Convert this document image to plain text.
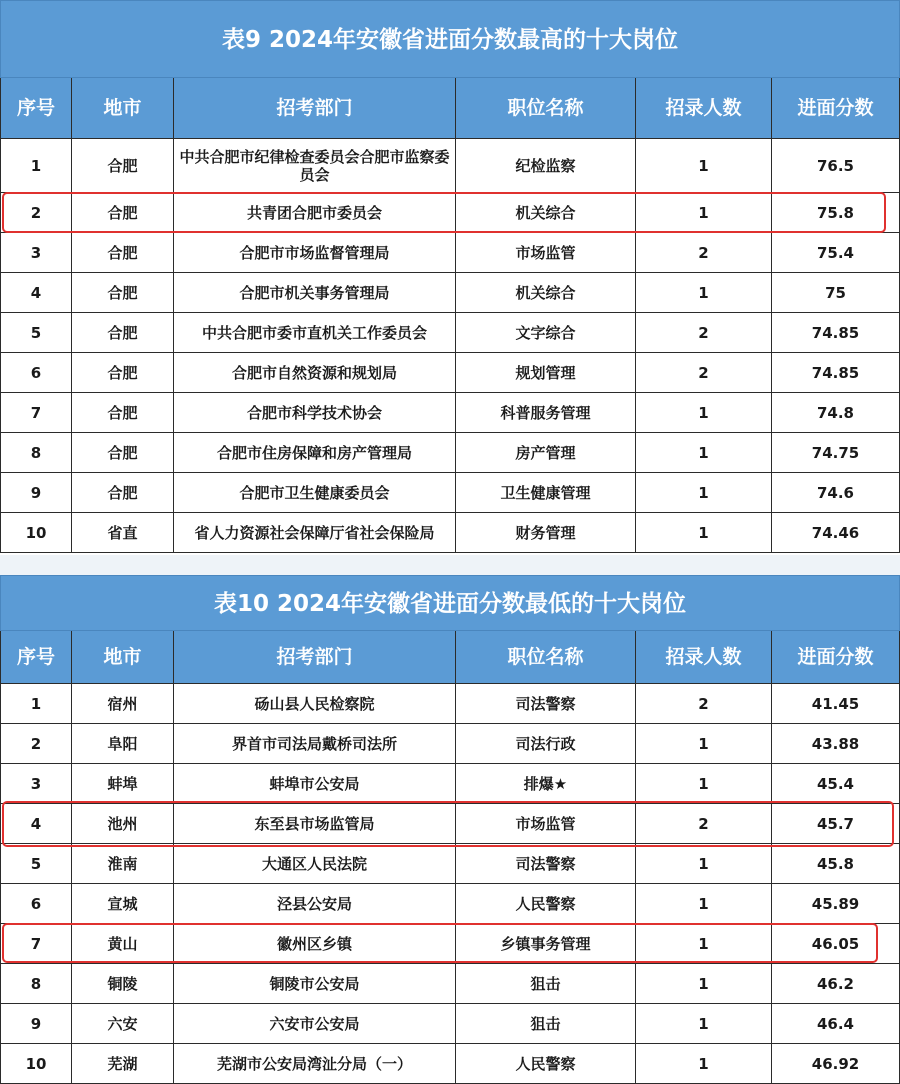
表9 2024年安徽省进面分数最高的十大岗位
序号	地市	招考部门	职位名称	招录人数	进面分数
1	合肥	中共合肥市纪律检查委员会合肥市监察委员会	纪检监察	1	76.5
2	合肥	共青团合肥市委员会	机关综合	1	75.8
3	合肥	合肥市市场监督管理局	市场监管	2	75.4
4	合肥	合肥市机关事务管理局	机关综合	1	75
5	合肥	中共合肥市委市直机关工作委员会	文字综合	2	74.85
6	合肥	合肥市自然资源和规划局	规划管理	2	74.85
7	合肥	合肥市科学技术协会	科普服务管理	1	74.8
8	合肥	合肥市住房保障和房产管理局	房产管理	1	74.75
9	合肥	合肥市卫生健康委员会	卫生健康管理	1	74.6
10	省直	省人力资源社会保障厅省社会保险局	财务管理	1	74.46
表10 2024年安徽省进面分数最低的十大岗位
序号	地市	招考部门	职位名称	招录人数	进面分数
1	宿州	砀山县人民检察院	司法警察	2	41.45
2	阜阳	界首市司法局戴桥司法所	司法行政	1	43.88
3	蚌埠	蚌埠市公安局	排爆★	1	45.4
4	池州	东至县市场监管局	市场监管	2	45.7
5	淮南	大通区人民法院	司法警察	1	45.8
6	宣城	泾县公安局	人民警察	1	45.89
7	黄山	徽州区乡镇	乡镇事务管理	1	46.05
8	铜陵	铜陵市公安局	狙击	1	46.2
9	六安	六安市公安局	狙击	1	46.4
10	芜湖	芜湖市公安局湾沚分局（一）	人民警察	1	46.92
